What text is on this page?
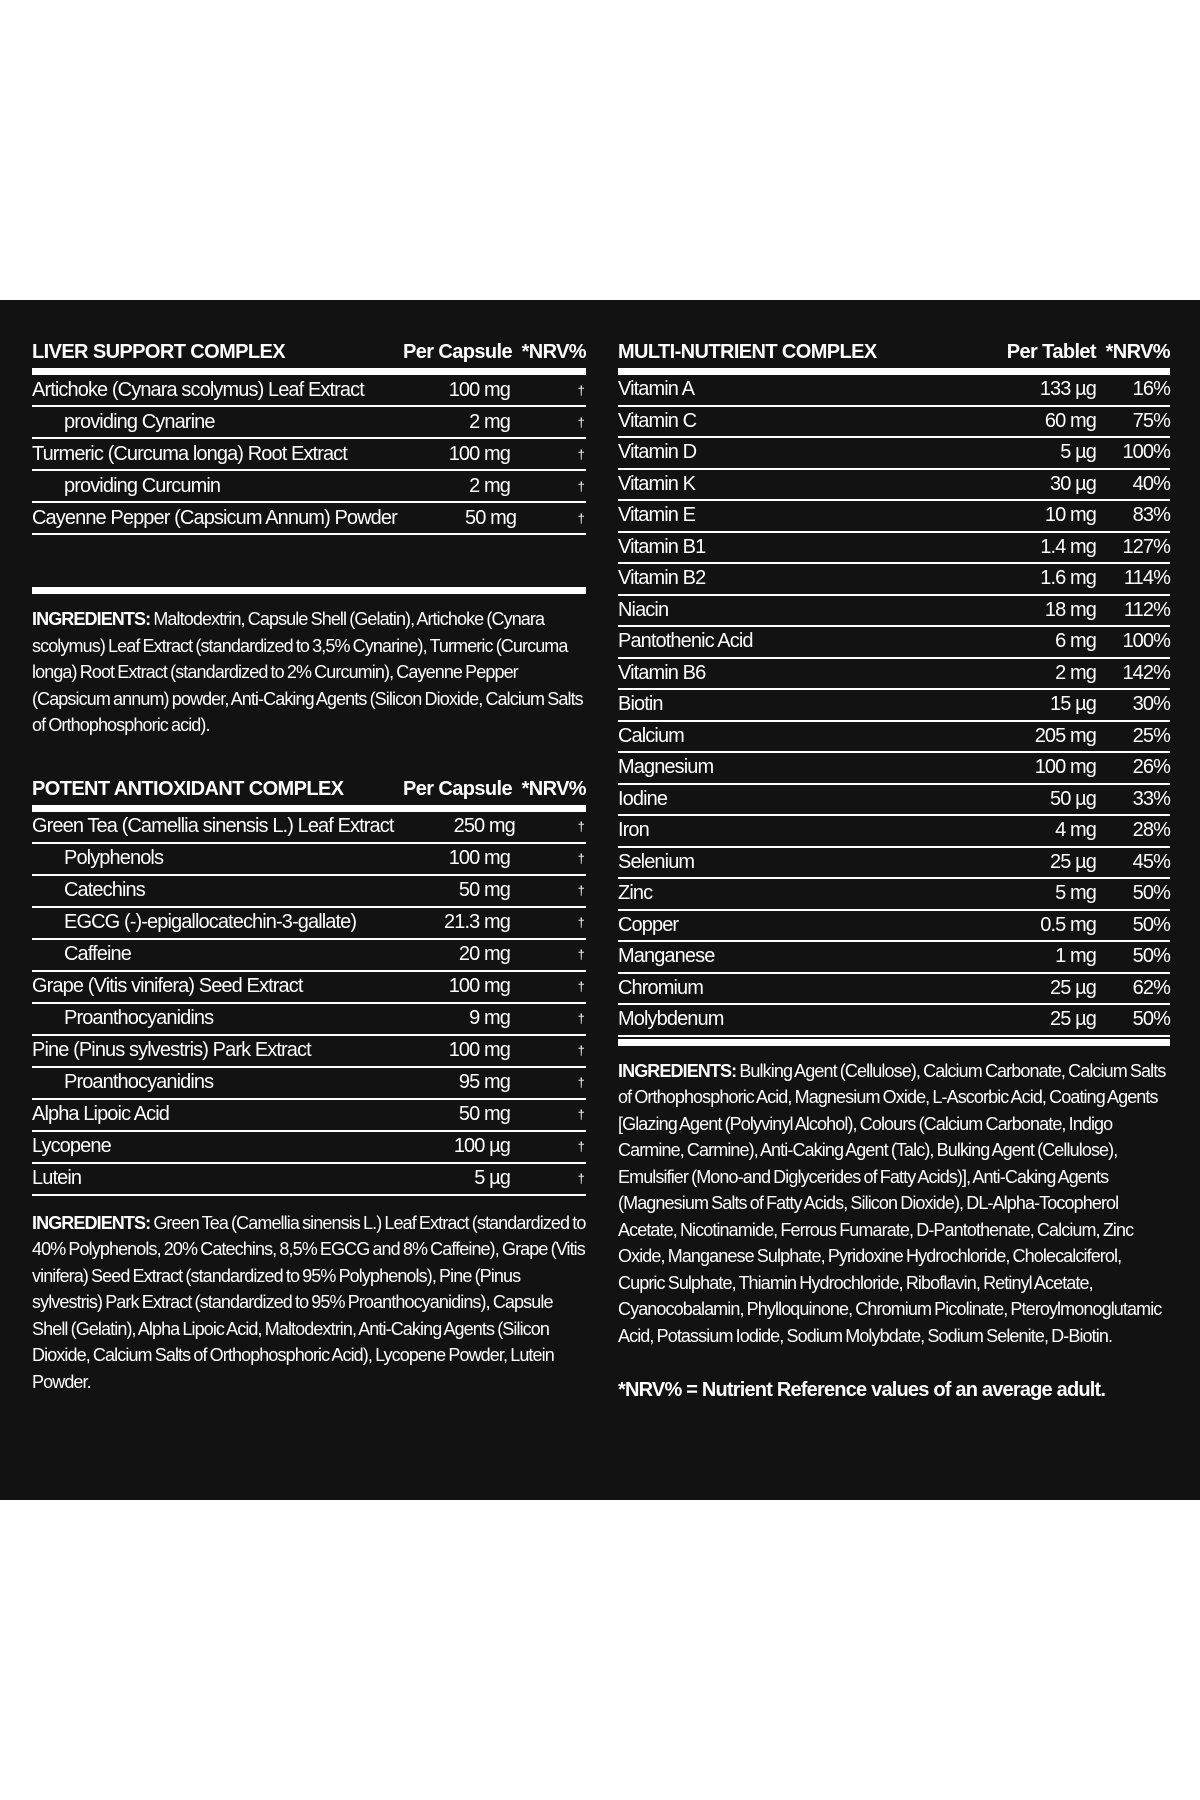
LIVER SUPPORT COMPLEX	Per Capsule *NRV%
Artichoke (Cynara scolymus) Leaf Extract	100 mg	†
providing Cynarine	2 mg	†
Turmeric (Curcuma longa) Root Extract	100 mg	†
providing Curcumin	2 mg	†
Cayenne Pepper (Capsicum Annum) Powder	50 mg	†

INGREDIENTS: Maltodextrin, Capsule Shell (Gelatin), Artichoke (Cynara scolymus) Leaf Extract (standardized to 3,5% Cynarine), Turmeric (Curcuma longa) Root Extract (standardized to 2% Curcumin), Cayenne Pepper (Capsicum annum) powder, Anti-Caking Agents (Silicon Dioxide, Calcium Salts of Orthophosphoric acid).

POTENT ANTIOXIDANT COMPLEX	Per Capsule *NRV%
Green Tea (Camellia sinensis L.) Leaf Extract	250 mg	†
Polyphenols	100 mg	†
Catechins	50 mg	†
EGCG (-)-epigallocatechin-3-gallate)	21.3 mg	†
Caffeine	20 mg	†
Grape (Vitis vinifera) Seed Extract	100 mg	†
Proanthocyanidins	9 mg	†
Pine (Pinus sylvestris) Park Extract	100 mg	†
Proanthocyanidins	95 mg	†
Alpha Lipoic Acid	50 mg	†
Lycopene	100 µg	†
Lutein	5 µg	†

INGREDIENTS: Green Tea (Camellia sinensis L.) Leaf Extract (standardized to 40% Polyphenols, 20% Catechins, 8,5% EGCG and 8% Caffeine), Grape (Vitis vinifera) Seed Extract (standardized to 95% Polyphenols), Pine (Pinus sylvestris) Park Extract (standardized to 95% Proanthocyanidins), Capsule Shell (Gelatin), Alpha Lipoic Acid, Maltodextrin, Anti-Caking Agents (Silicon Dioxide, Calcium Salts of Orthophosphoric Acid), Lycopene Powder, Lutein Powder.

MULTI-NUTRIENT COMPLEX	Per Tablet *NRV%
Vitamin A	133 µg	16%
Vitamin C	60 mg	75%
Vitamin D	5 µg	100%
Vitamin K	30 µg	40%
Vitamin E	10 mg	83%
Vitamin B1	1.4 mg	127%
Vitamin B2	1.6 mg	114%
Niacin	18 mg	112%
Pantothenic Acid	6 mg	100%
Vitamin B6	2 mg	142%
Biotin	15 µg	30%
Calcium	205 mg	25%
Magnesium	100 mg	26%
Iodine	50 µg	33%
Iron	4 mg	28%
Selenium	25 µg	45%
Zinc	5 mg	50%
Copper	0.5 mg	50%
Manganese	1 mg	50%
Chromium	25 µg	62%
Molybdenum	25 µg	50%

INGREDIENTS: Bulking Agent (Cellulose), Calcium Carbonate, Calcium Salts of Orthophosphoric Acid, Magnesium Oxide, L-Ascorbic Acid, Coating Agents [Glazing Agent (Polyvinyl Alcohol), Colours (Calcium Carbonate, Indigo Carmine, Carmine), Anti-Caking Agent (Talc), Bulking Agent (Cellulose), Emulsifier (Mono-and Diglycerides of Fatty Acids)], Anti-Caking Agents (Magnesium Salts of Fatty Acids, Silicon Dioxide), DL-Alpha-Tocopherol Acetate, Nicotinamide, Ferrous Fumarate, D-Pantothenate, Calcium, Zinc Oxide, Manganese Sulphate, Pyridoxine Hydrochloride, Cholecalciferol, Cupric Sulphate, Thiamin Hydrochloride, Riboflavin, Retinyl Acetate, Cyanocobalamin, Phylloquinone, Chromium Picolinate, Pteroylmonoglutamic Acid, Potassium Iodide, Sodium Molybdate, Sodium Selenite, D-Biotin.

*NRV% = Nutrient Reference values of an average adult.
